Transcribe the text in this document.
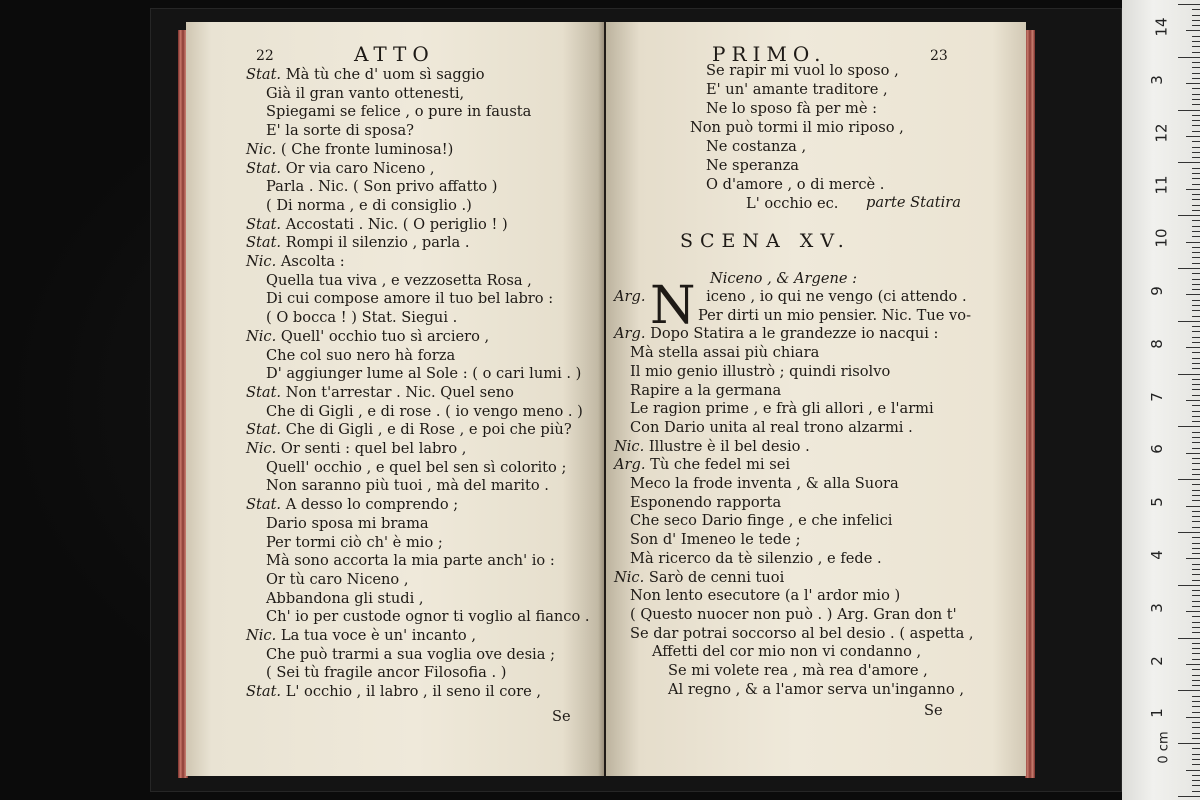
22	ATTO
Stat. Mà tù che d' uom sì saggio
Già il gran vanto ottenesti,
Spiegami se felice , o pure in fausta
E' la sorte di sposa?
Nic. ( Che fronte luminosa!)
Stat. Or via caro Niceno ,
Parla . Nic. ( Son privo affatto )
( Di norma , e di consiglio .)
Stat. Accostati . Nic. ( O periglio ! )
Stat. Rompi il silenzio , parla .
Nic. Ascolta :
Quella tua viva , e vezzosetta Rosa ,
Di cui compose amore il tuo bel labro :
( O bocca ! ) Stat. Siegui .
Nic. Quell' occhio tuo sì arciero ,
Che col suo nero hà forza
D' aggiunger lume al Sole : ( o cari lumi . )
Stat. Non t'arrestar . Nic. Quel seno
Che di Gigli , e di rose . ( io vengo meno . )
Stat. Che di Gigli , e di Rose , e poi che più?
Nic. Or senti : quel bel labro ,
Quell' occhio , e quel bel sen sì colorito ;
Non saranno più tuoi , mà del marito .
Stat. A desso lo comprendo ;
Dario sposa mi brama
Per tormi ciò ch' è mio ;
Mà sono accorta la mia parte anch' io :
Or tù caro Niceno ,
Abbandona gli studi ,
Ch' io per custode ognor ti voglio al fianco .
Nic. La tua voce è un' incanto ,
Che può trarmi a sua voglia ove desia ;
( Sei tù fragile ancor Filosofia . )
Stat. L' occhio , il labro , il seno il core ,
Se
PRIMO.	23
Se rapir mi vuol lo sposo ,
E' un' amante traditore ,
Ne lo sposo fà per mè :
Non può tormi il mio riposo ,
Ne costanza ,
Ne speranza
O d'amore , o di mercè .
L' occhio ec. parte Statira
SCENA XV.
Niceno , & Argene :
N
Arg.	iceno , io qui ne vengo (ci attendo .
Per dirti un mio pensier. Nic. Tue vo-
Arg. Dopo Statira a le grandezze io nacqui :
Mà stella assai più chiara
Il mio genio illustrò ; quindi risolvo
Rapire a la germana
Le ragion prime , e frà gli allori , e l'armi
Con Dario unita al real trono alzarmi .
Nic. Illustre è il bel desio .
Arg. Tù che fedel mi sei
Meco la frode inventa , & alla Suora
Esponendo rapporta
Che seco Dario finge , e che infelici
Son d' Imeneo le tede ;
Mà ricerco da tè silenzio , e fede .
Nic. Sarò de cenni tuoi
Non lento esecutore (a l' ardor mio )
( Questo nuocer non può . ) Arg. Gran don t'
Se dar potrai soccorso al bel desio . ( aspetta ,
Affetti del cor mio non vi condanno ,
Se mi volete rea , mà rea d'amore ,
Al regno , & a l'amor serva un'inganno ,
Se
0 cm
14
3
12
11
10
9
8
7
6
5
4
3
2
1
